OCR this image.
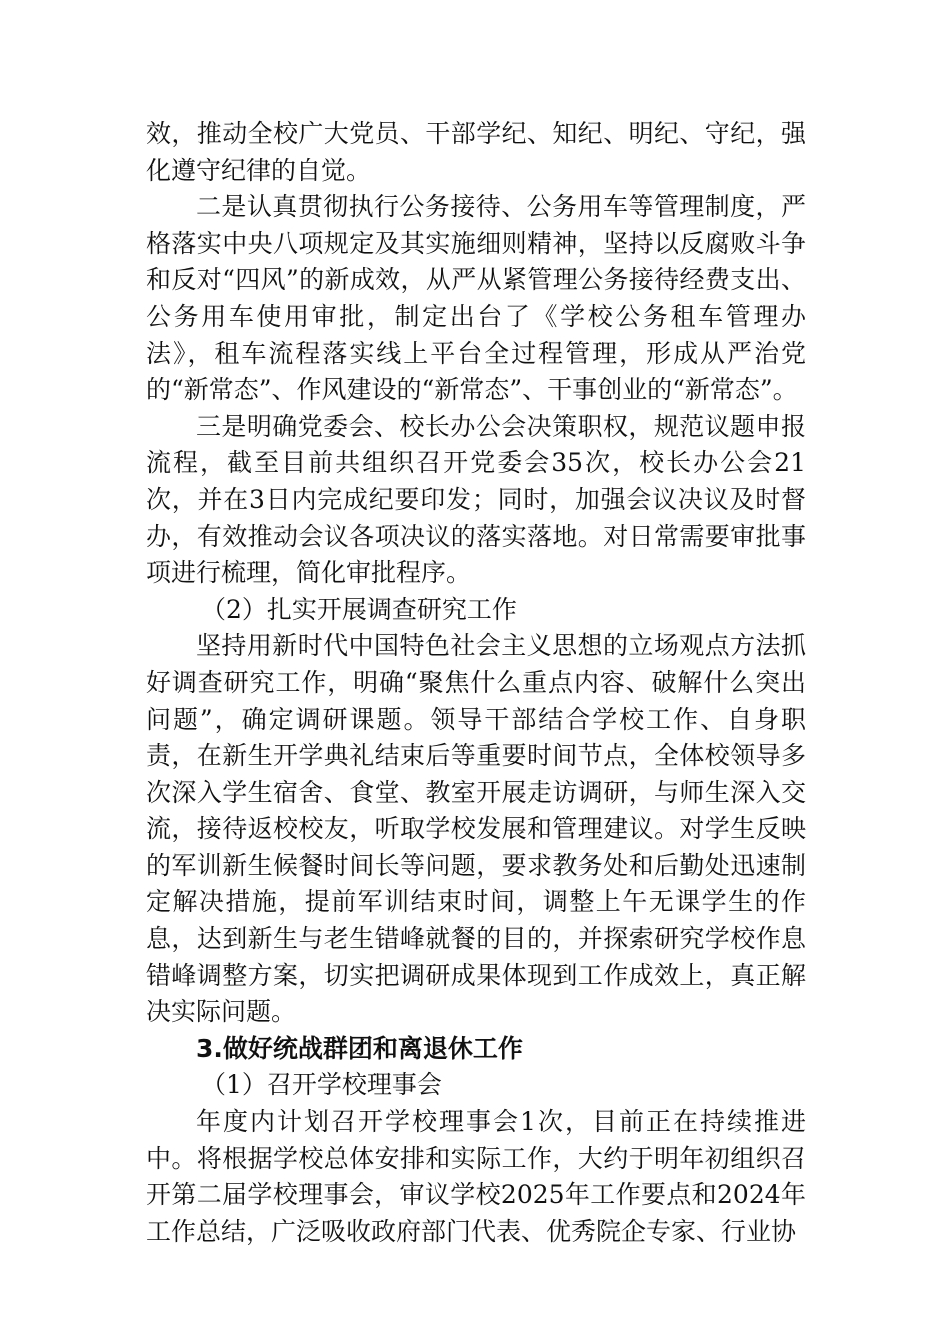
效，推动全校广大党员、干部学纪、知纪、明纪、守纪，强化遵守纪律的自觉。

二是认真贯彻执行公务接待、公务用车等管理制度，严格落实中央八项规定及其实施细则精神，坚持以反腐败斗争和反对“四风”的新成效，从严从紧管理公务接待经费支出、公务用车使用审批，制定出台了《学校公务租车管理办法》，租车流程落实线上平台全过程管理，形成从严治党的“新常态”、作风建设的“新常态”、干事创业的“新常态”。

三是明确党委会、校长办公会决策职权，规范议题申报流程，截至目前共组织召开党委会35次，校长办公会21次，并在3日内完成纪要印发；同时，加强会议决议及时督办，有效推动会议各项决议的落实落地。对日常需要审批事项进行梳理，简化审批程序。

（2）扎实开展调查研究工作

坚持用新时代中国特色社会主义思想的立场观点方法抓好调查研究工作，明确“聚焦什么重点内容、破解什么突出问题”，确定调研课题。领导干部结合学校工作、自身职责，在新生开学典礼结束后等重要时间节点，全体校领导多次深入学生宿舍、食堂、教室开展走访调研，与师生深入交流，接待返校校友，听取学校发展和管理建议。对学生反映的军训新生候餐时间长等问题，要求教务处和后勤处迅速制定解决措施，提前军训结束时间，调整上午无课学生的作息，达到新生与老生错峰就餐的目的，并探索研究学校作息错峰调整方案，切实把调研成果体现到工作成效上，真正解决实际问题。

3.做好统战群团和离退休工作

（1）召开学校理事会

年度内计划召开学校理事会1次，目前正在持续推进中。将根据学校总体安排和实际工作，大约于明年初组织召开第二届学校理事会，审议学校2025年工作要点和2024年工作总结，广泛吸收政府部门代表、优秀院企专家、行业协
